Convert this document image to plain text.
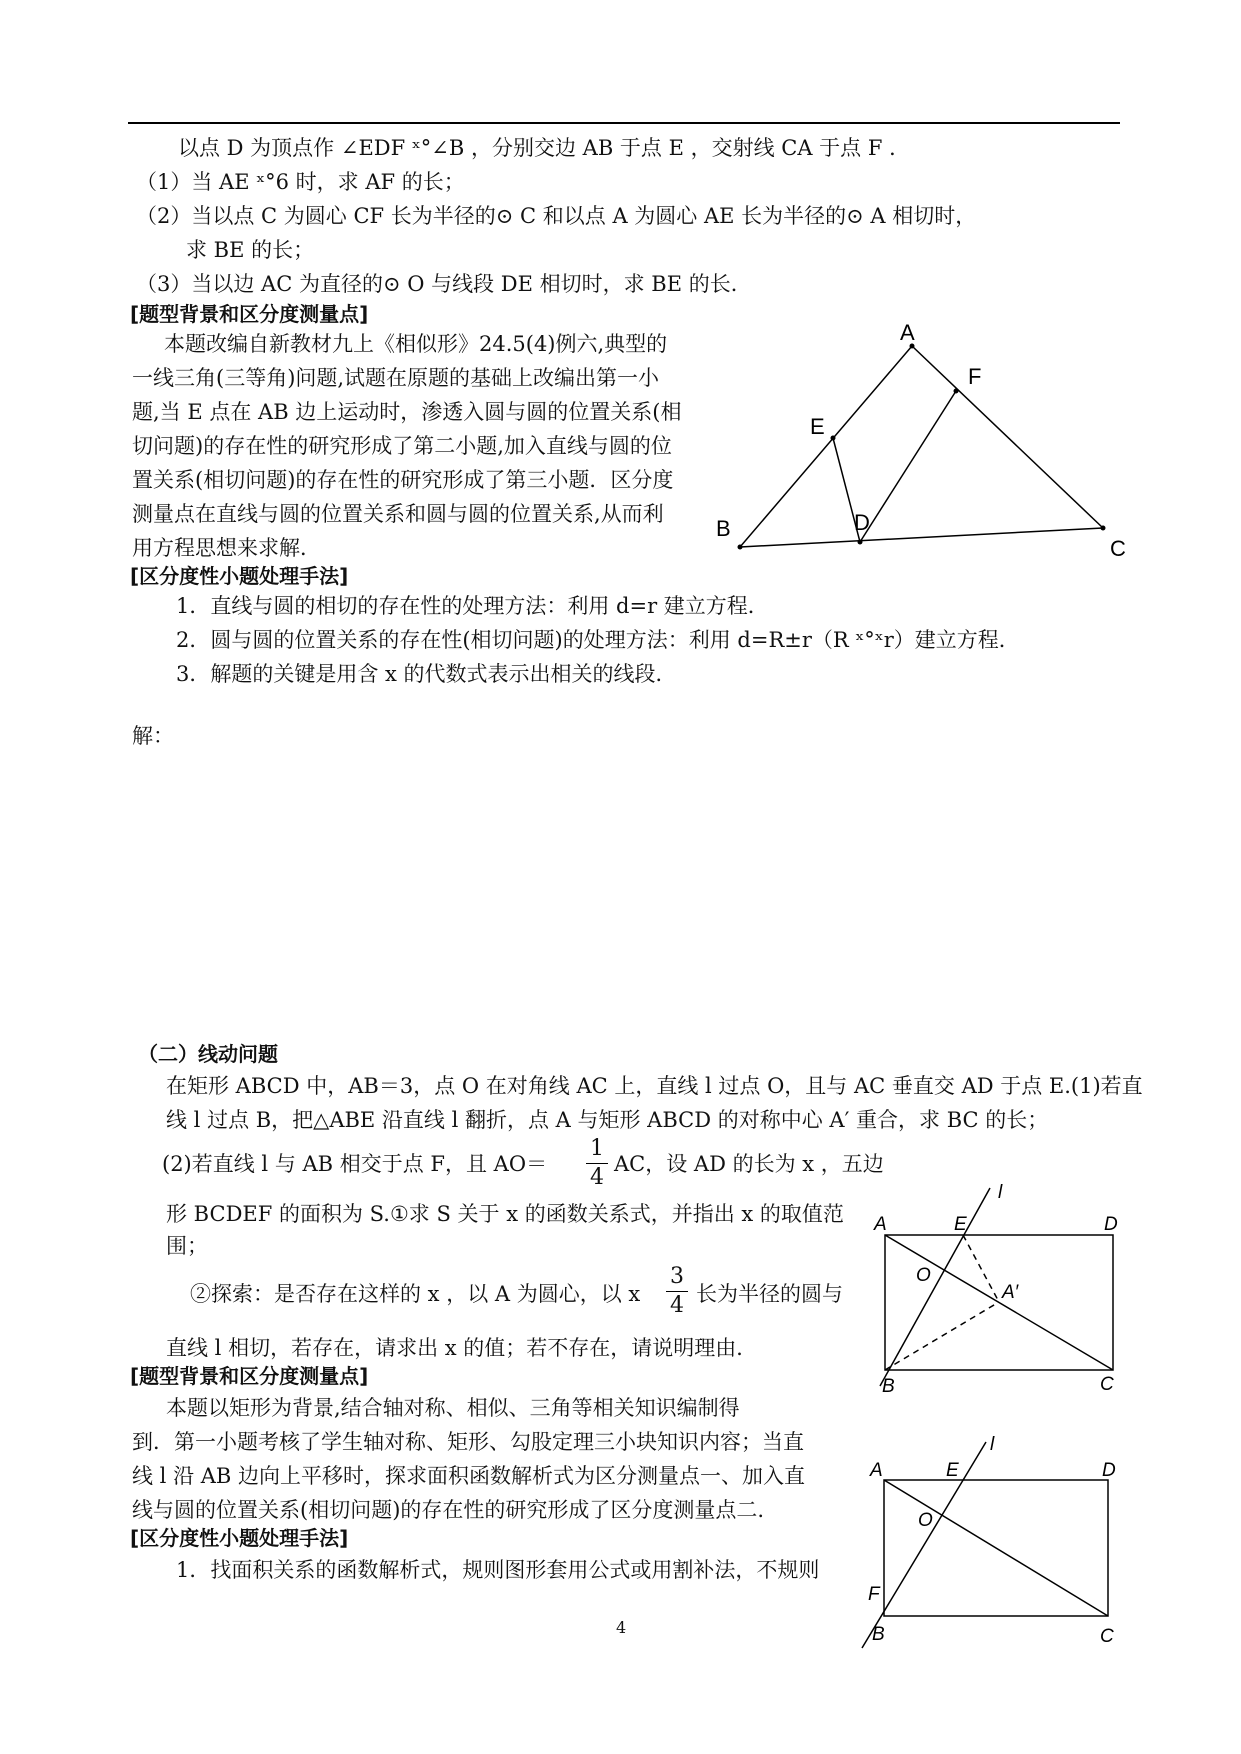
以点 D 为顶点作 ∠EDF ˣ°∠B ，分别交边 AB 于点 E ，交射线 CA 于点 F ．
（1）当 AE ˣ°6 时，求 AF 的长；
（2）当以点 C 为圆心 CF 长为半径的⊙ C 和以点 A 为圆心 AE 长为半径的⊙ A 相切时，
求 BE 的长；
（3）当以边 AC 为直径的⊙ O 与线段 DE 相切时，求 BE 的长．
[题型背景和区分度测量点]
本题改编自新教材九上《相似形》24.5(4)例六,典型的
一线三角(三等角)问题,试题在原题的基础上改编出第一小
题,当 E 点在 AB 边上运动时，渗透入圆与圆的位置关系(相
切问题)的存在性的研究形成了第二小题,加入直线与圆的位
置关系(相切问题)的存在性的研究形成了第三小题．区分度
测量点在直线与圆的位置关系和圆与圆的位置关系,从而利
用方程思想来求解．
[区分度性小题处理手法]
1．直线与圆的相切的存在性的处理方法：利用 d=r 建立方程．
2．圆与圆的位置关系的存在性(相切问题)的处理方法：利用 d=R±r（R ˣ°ˣr）建立方程．
3．解题的关键是用含 x 的代数式表示出相关的线段．
解：
A
F
E
D
B
C
（二）线动问题
在矩形 ABCD 中，AB＝3，点 O 在对角线 AC 上，直线 l 过点 O，且与 AC 垂直交 AD 于点 E.(1)若直
线 l 过点 B，把△ABE 沿直线 l 翻折，点 A 与矩形 ABCD 的对称中心 A′ 重合，求 BC 的长；
(2)若直线 l 与 AB 相交于点 F，且 AO＝
1
4
AC，设 AD 的长为 x ，五边
形 BCDEF 的面积为 S.①求 S 关于 x 的函数关系式，并指出 x 的取值范
围；
②探索：是否存在这样的 x ，以 A 为圆心，以 x
3
4 长为半径的圆与
直线 l 相切，若存在，请求出 x 的值；若不存在，请说明理由．
[题型背景和区分度测量点]
本题以矩形为背景,结合轴对称、相似、三角等相关知识编制得
到．第一小题考核了学生轴对称、矩形、勾股定理三小块知识内容；当直
线 l 沿 AB 边向上平移时，探求面积函数解析式为区分测量点一、加入直
线与圆的位置关系(相切问题)的存在性的研究形成了区分度测量点二.
[区分度性小题处理手法]
1．找面积关系的函数解析式，规则图形套用公式或用割补法，不规则
l
A	E	D
O
A′
B	C
l
A	E	D
O
F
B	C
4
